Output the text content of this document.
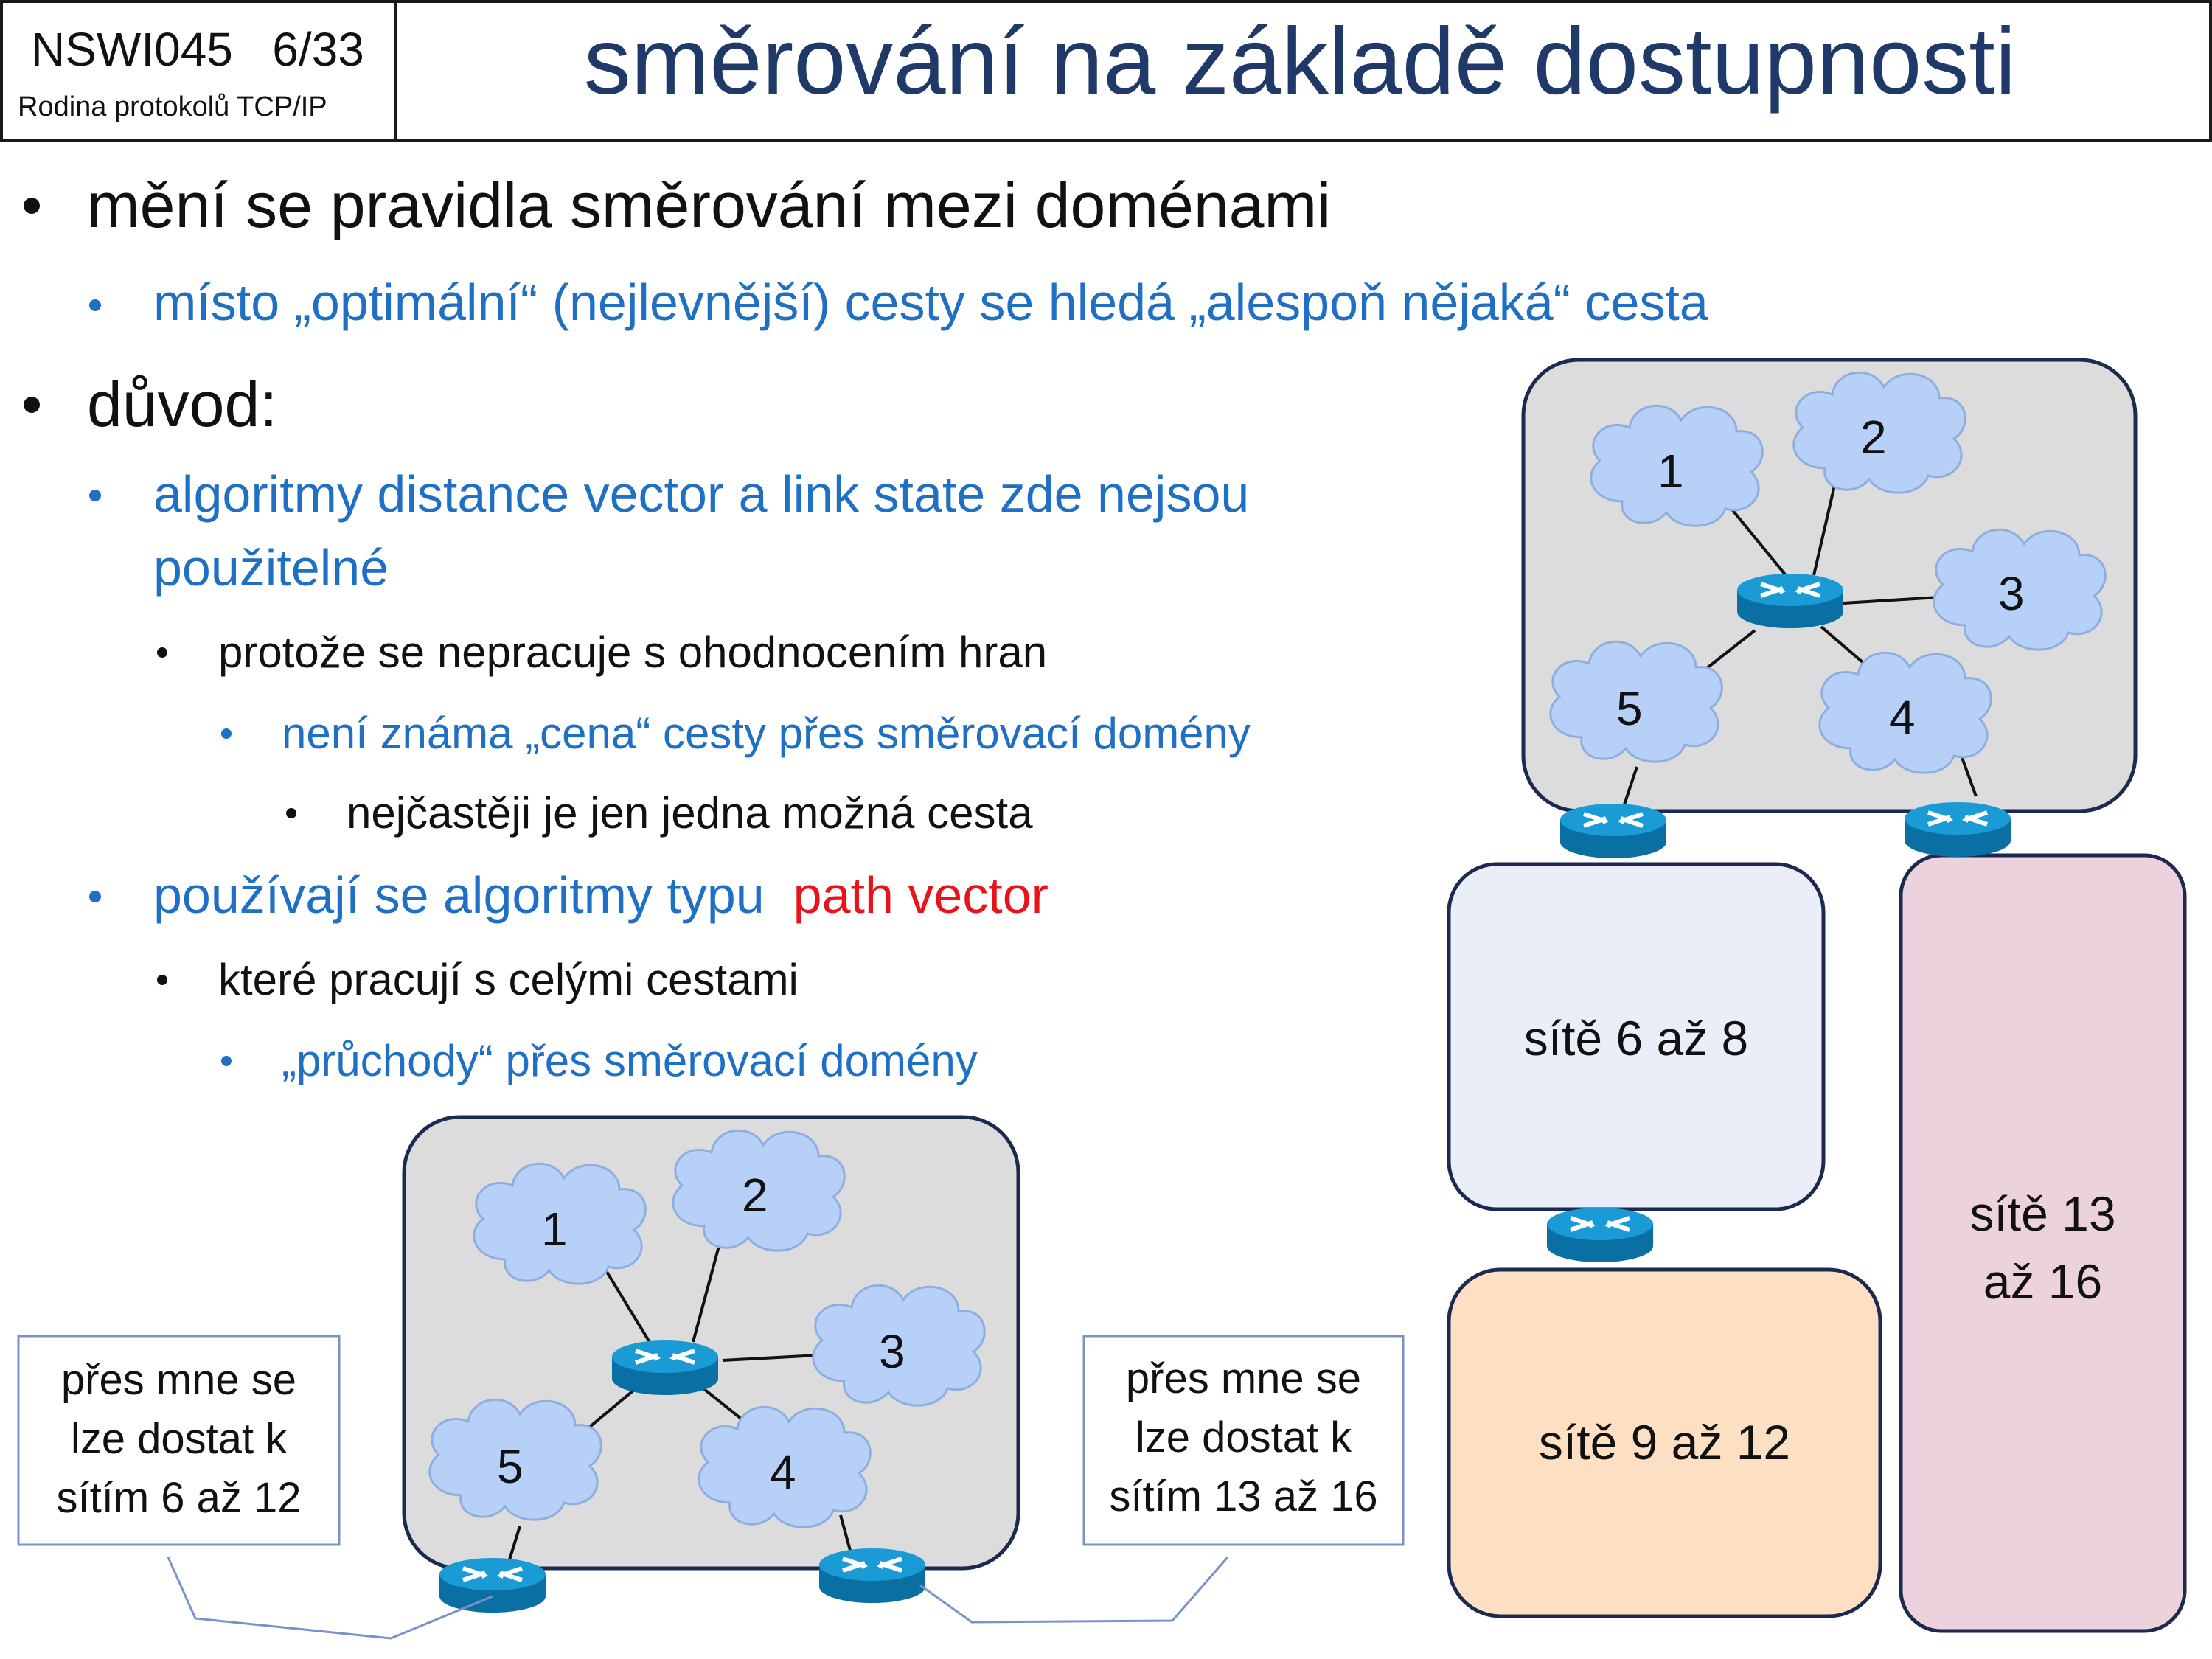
NSWI045   6/33
Rodina protokolů TCP/IP	směrování na základě dostupnosti
mění se pravidla směrování mezi doménami
místo „optimální“ (nejlevnější) cesty se hledá „alespoň nějaká“ cesta
důvod:
algoritmy distance vector a link state zde nejsou
použitelné
protože se nepracuje s ohodnocením hran
není známa „cena“ cesty přes směrovací domény
nejčastěji je jen jedna možná cesta
používají se algoritmy typu path vector
které pracují s celými cestami
„průchody“ přes směrovací domény
1
2
3
4
5
sítě 6 až 8
sítě 9 až 12
sítě 13
až 16
1
2
3
4
5
přes mne se
lze dostat k
sítím 6 až 12
přes mne se
lze dostat k
sítím 13 až 16
